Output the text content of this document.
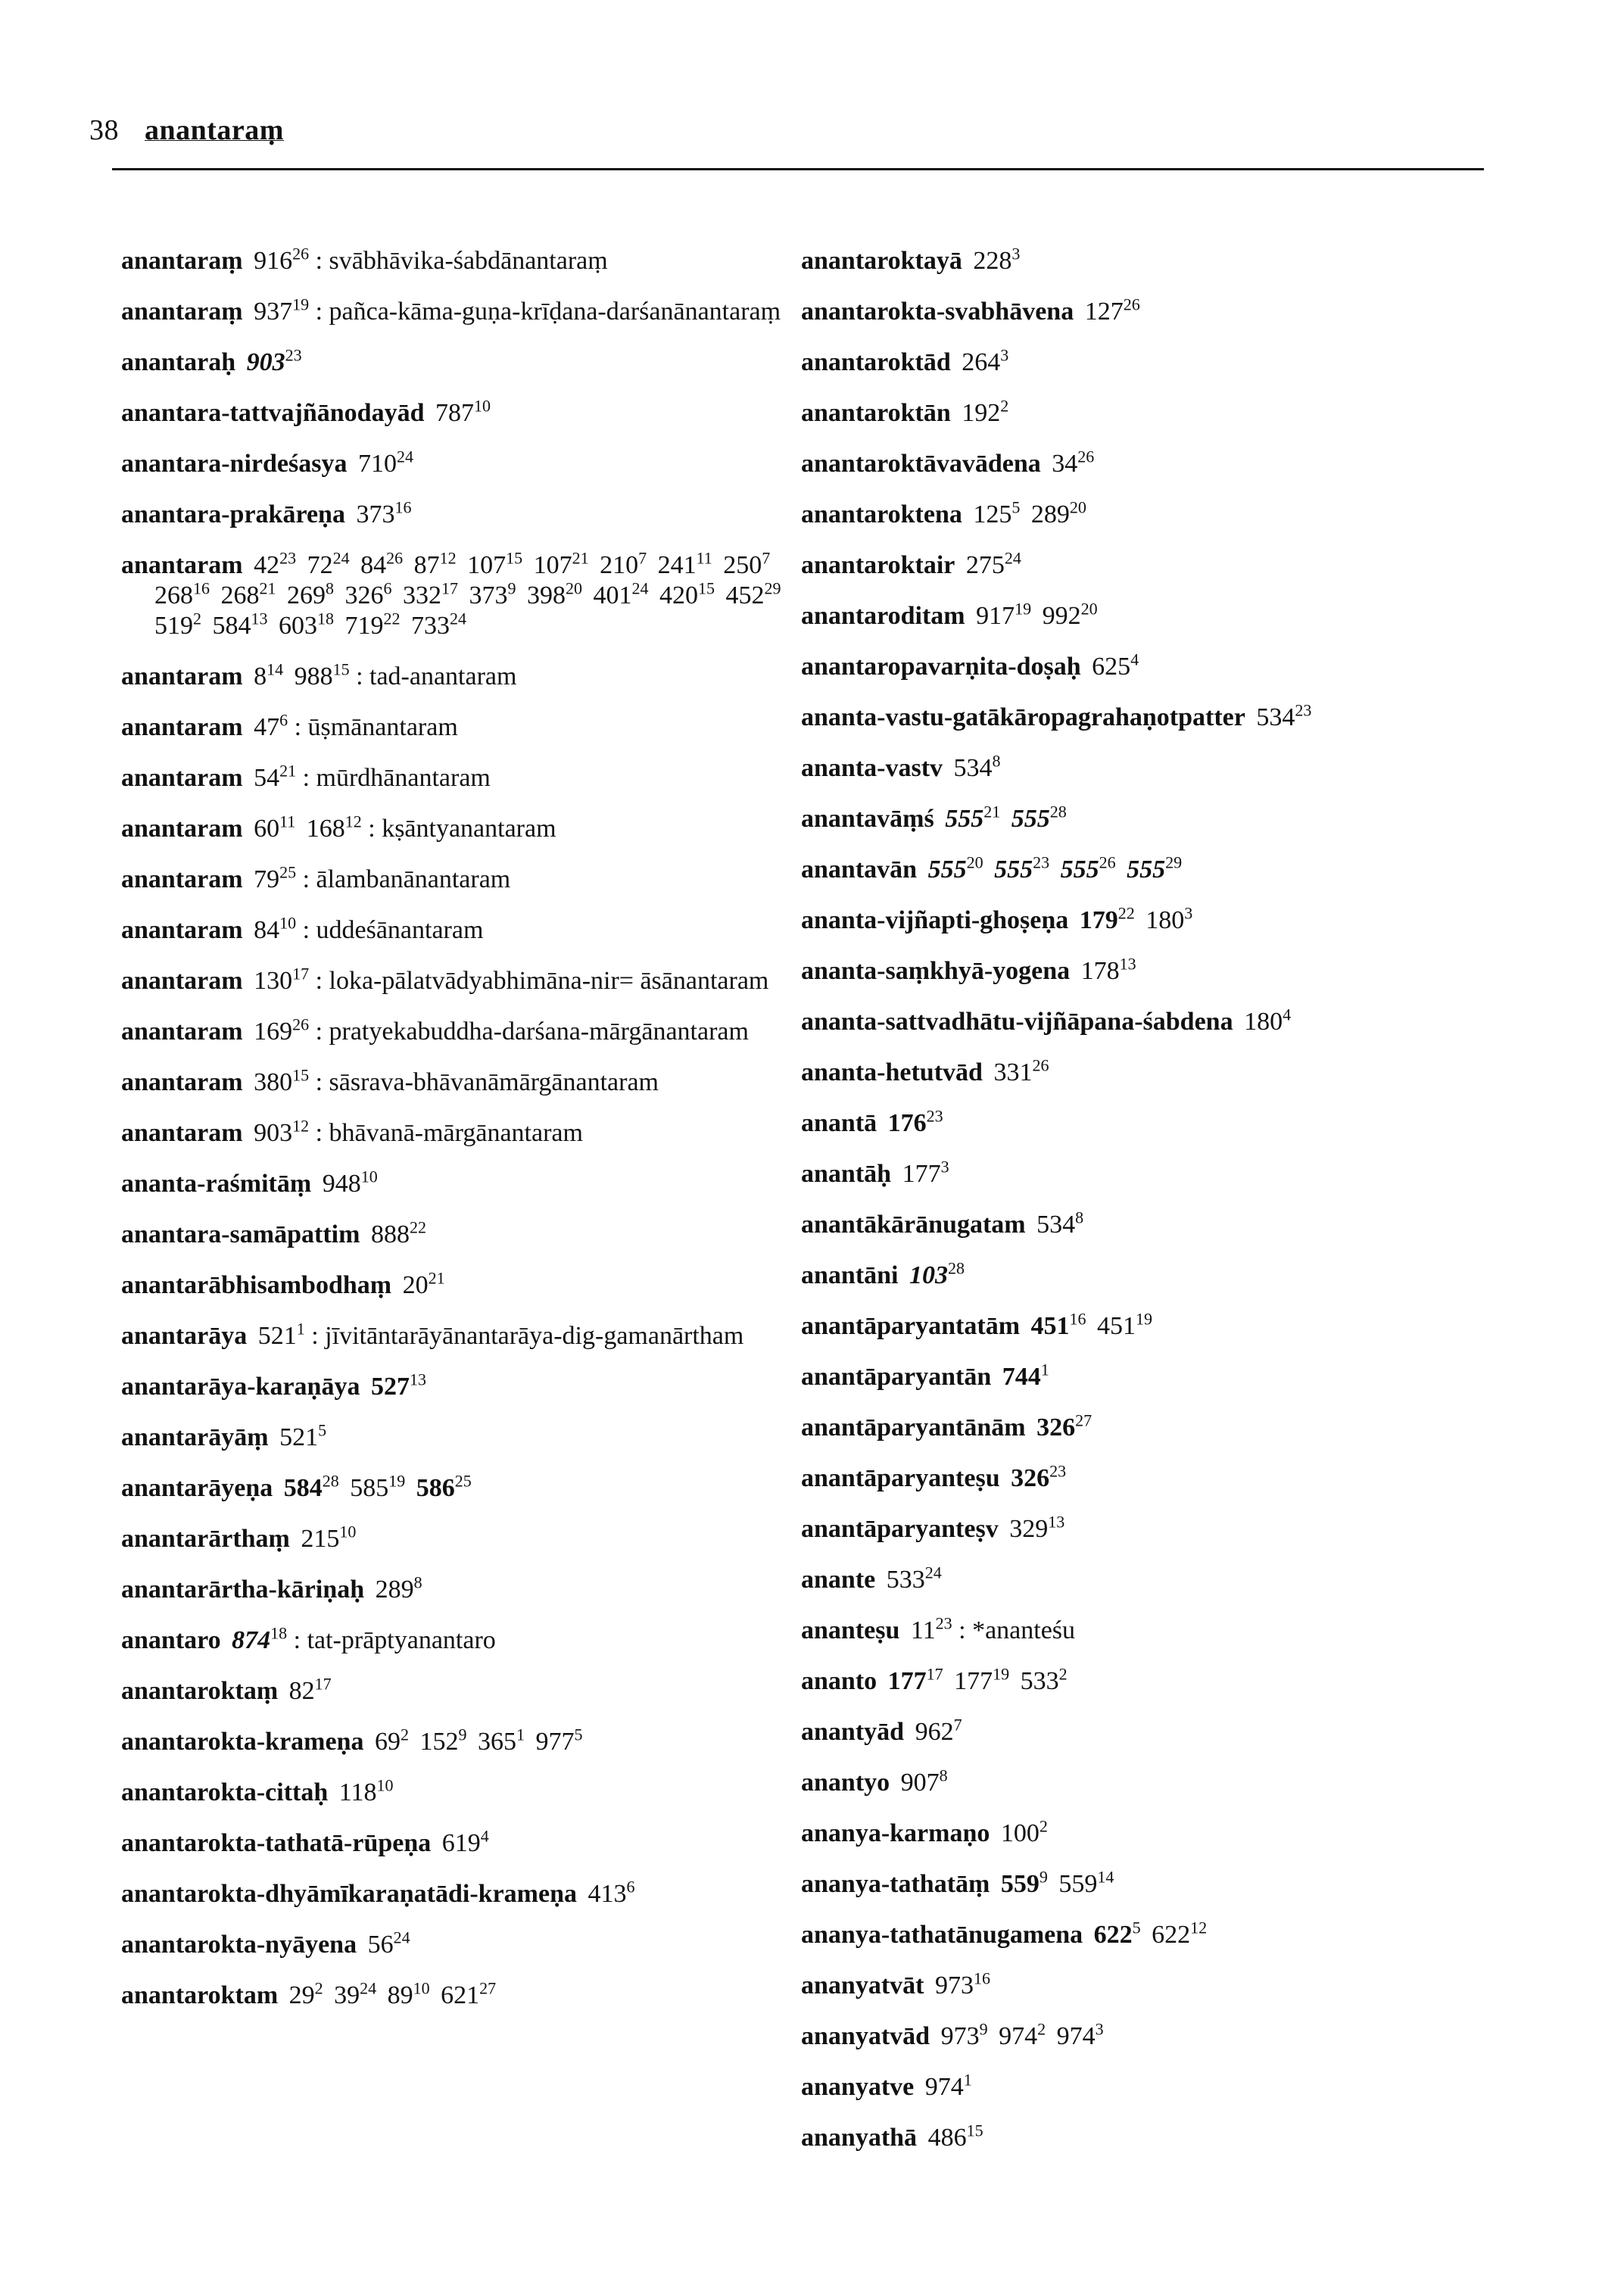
38 anantaraṃ
anantaraṃ $916^{26}$ : svābhāvika-śabdānantaraṃ
anantaraṃ $937^{19}$ : pañca-kāma-guṇa-krīḍana-darśanānantaraṃ
anantaraḥ $903^{23}$
anantara-tattvajñānodayād $787^{10}$
anantara-nirdeśasya $710^{24}$
anantara-prakāreṇa $373^{16}$
anantaram $42^{23}$ $72^{24}$ $84^{26}$ $87^{12}$ $107^{15}$ $107^{21}$ $210^7$ $241^{11}$ $250^7$ $268^{16}$ $268^{21}$ $269^8$ $326^6$ $332^{17}$ $373^9$ $398^{20}$ $401^{24}$ $420^{15}$ $452^{29}$ $519^2$ $584^{13}$ $603^{18}$ $719^{22}$ $733^{24}$
anantaram $8^{14}$ $988^{15}$ : tad-anantaram
anantaram $47^6$ : ūṣmānantaram
anantaram $54^{21}$ : mūrdhānantaram
anantaram $60^{11}$ $168^{12}$ : kṣāntyanantaram
anantaram $79^{25}$ : ālambanānantaram
anantaram $84^{10}$ : uddeśānantaram
anantaram $130^{17}$ : loka-pālatvādyabhimāna-nir= āsānantaram
anantaram $169^{26}$ : pratyekabuddha-darśana-mārgānantaram
anantaram $380^{15}$ : sāsrava-bhāvanāmārgānantaram
anantaram $903^{12}$ : bhāvanā-mārgānantaram
ananta-raśmitāṃ $948^{10}$
anantara-samāpattim $888^{22}$
anantarābhisambodhaṃ $20^{21}$
anantarāya $521^1$ : jīvitāntarāyānantarāya-dig-gamanārtham
anantarāya-karaṇāya $527^{13}$
anantarāyāṃ $521^5$
anantarāyeṇa $584^{28}$ $585^{19}$ $586^{25}$
anantarārthaṃ $215^{10}$
anantarārtha-kāriṇaḥ $289^8$
anantaro $874^{18}$ : tat-prāptyanantaro
anantaroktaṃ $82^{17}$
anantarokta-krameṇa $69^2$ $152^9$ $365^1$ $977^5$
anantarokta-cittaḥ $118^{10}$
anantarokta-tathatā-rūpeṇa $619^4$
anantarokta-dhyāmīkaraṇatādi-krameṇa $413^6$
anantarokta-nyāyena $56^{24}$
anantaroktam $29^2$ $39^{24}$ $89^{10}$ $621^{27}$
anantaroktayā $228^3$
anantarokta-svabhāvena $127^{26}$
anantaroktād $264^3$
anantaroktān $192^2$
anantaroktāvavādena $34^{26}$
anantaroktena $125^5$ $289^{20}$
anantaroktair $275^{24}$
anantaroditam $917^{19}$ $992^{20}$
anantaropavarṇita-doṣaḥ $625^4$
ananta-vastu-gatākāropagrahaṇotpatter $534^{23}$
ananta-vastv $534^8$
anantavāṃś $555^{21}$ $555^{28}$
anantavān $555^{20}$ $555^{23}$ $555^{26}$ $555^{29}$
ananta-vijñapti-ghoṣeṇa $179^{22}$ $180^3$
ananta-saṃkhyā-yogena $178^{13}$
ananta-sattvadhātu-vijñāpana-śabdena $180^4$
ananta-hetutvād $331^{26}$
anantā $176^{23}$
anantāḥ $177^3$
anantākārānugatam $534^8$
anantāni $103^{28}$
anantāparyantatām $451^{16}$ $451^{19}$
anantāparyantān $744^1$
anantāparyantānām $326^{27}$
anantāparyanteṣu $326^{23}$
anantāparyanteṣv $329^{13}$
anante $533^{24}$
ananteṣu $11^{23}$ : *ananteśu
ananto $177^{17}$ $177^{19}$ $533^2$
anantyād $962^7$
anantyo $907^8$
ananya-karmaṇo $100^2$
ananya-tathatāṃ $559^9$ $559^{14}$
ananya-tathatānugamena $622^5$ $622^{12}$
ananyatvāt $973^{16}$
ananyatvād $973^9$ $974^2$ $974^3$
ananyatve $974^1$
ananyathā $486^{15}$
